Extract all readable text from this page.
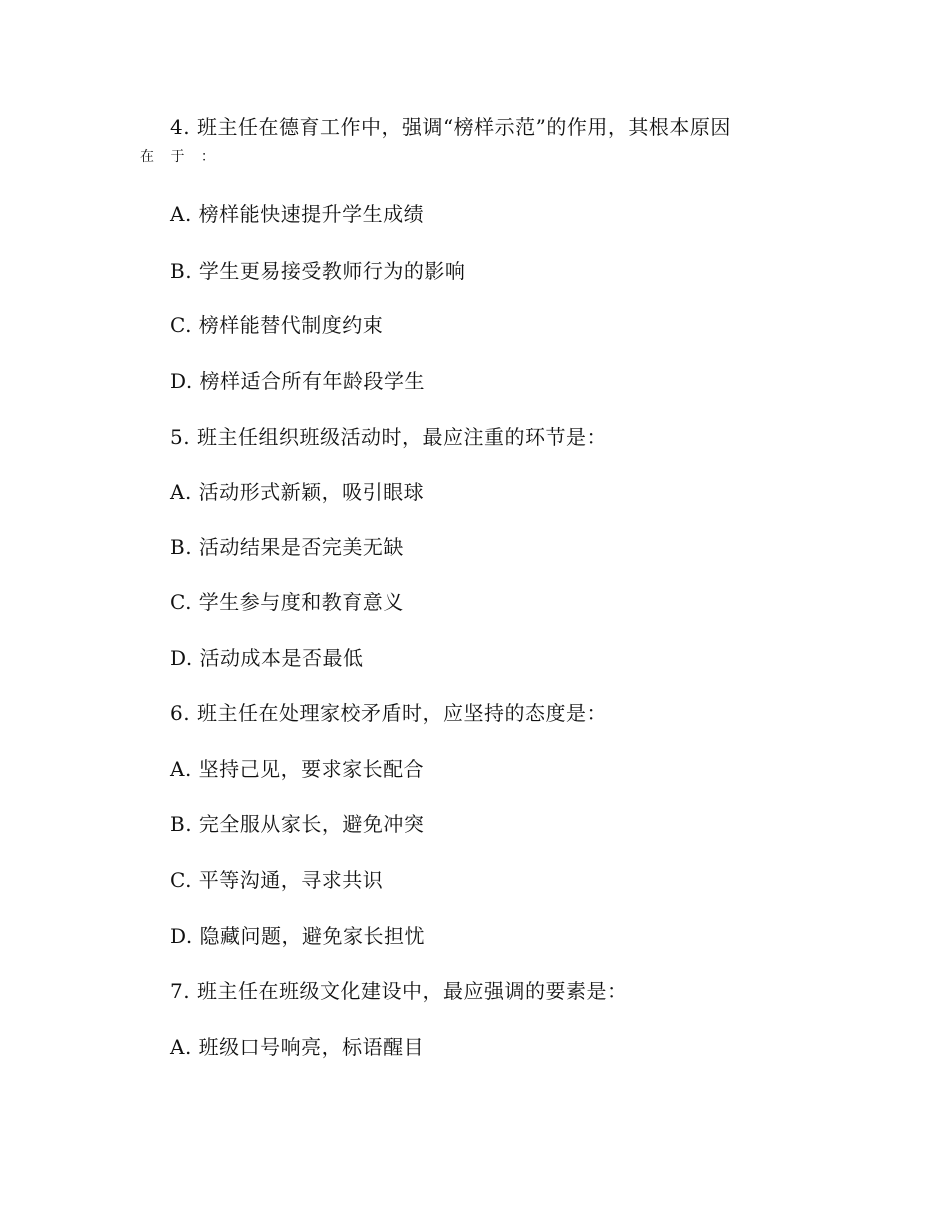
4. 班主任在德育工作中，强调“榜样示范”的作用，其根本原因
在 于 ：
A. 榜样能快速提升学生成绩
B. 学生更易接受教师行为的影响
C. 榜样能替代制度约束
D. 榜样适合所有年龄段学生
5. 班主任组织班级活动时，最应注重的环节是：
A. 活动形式新颖，吸引眼球
B. 活动结果是否完美无缺
C. 学生参与度和教育意义
D. 活动成本是否最低
6. 班主任在处理家校矛盾时，应坚持的态度是：
A. 坚持己见，要求家长配合
B. 完全服从家长，避免冲突
C. 平等沟通，寻求共识
D. 隐藏问题，避免家长担忧
7. 班主任在班级文化建设中，最应强调的要素是：
A. 班级口号响亮，标语醒目
